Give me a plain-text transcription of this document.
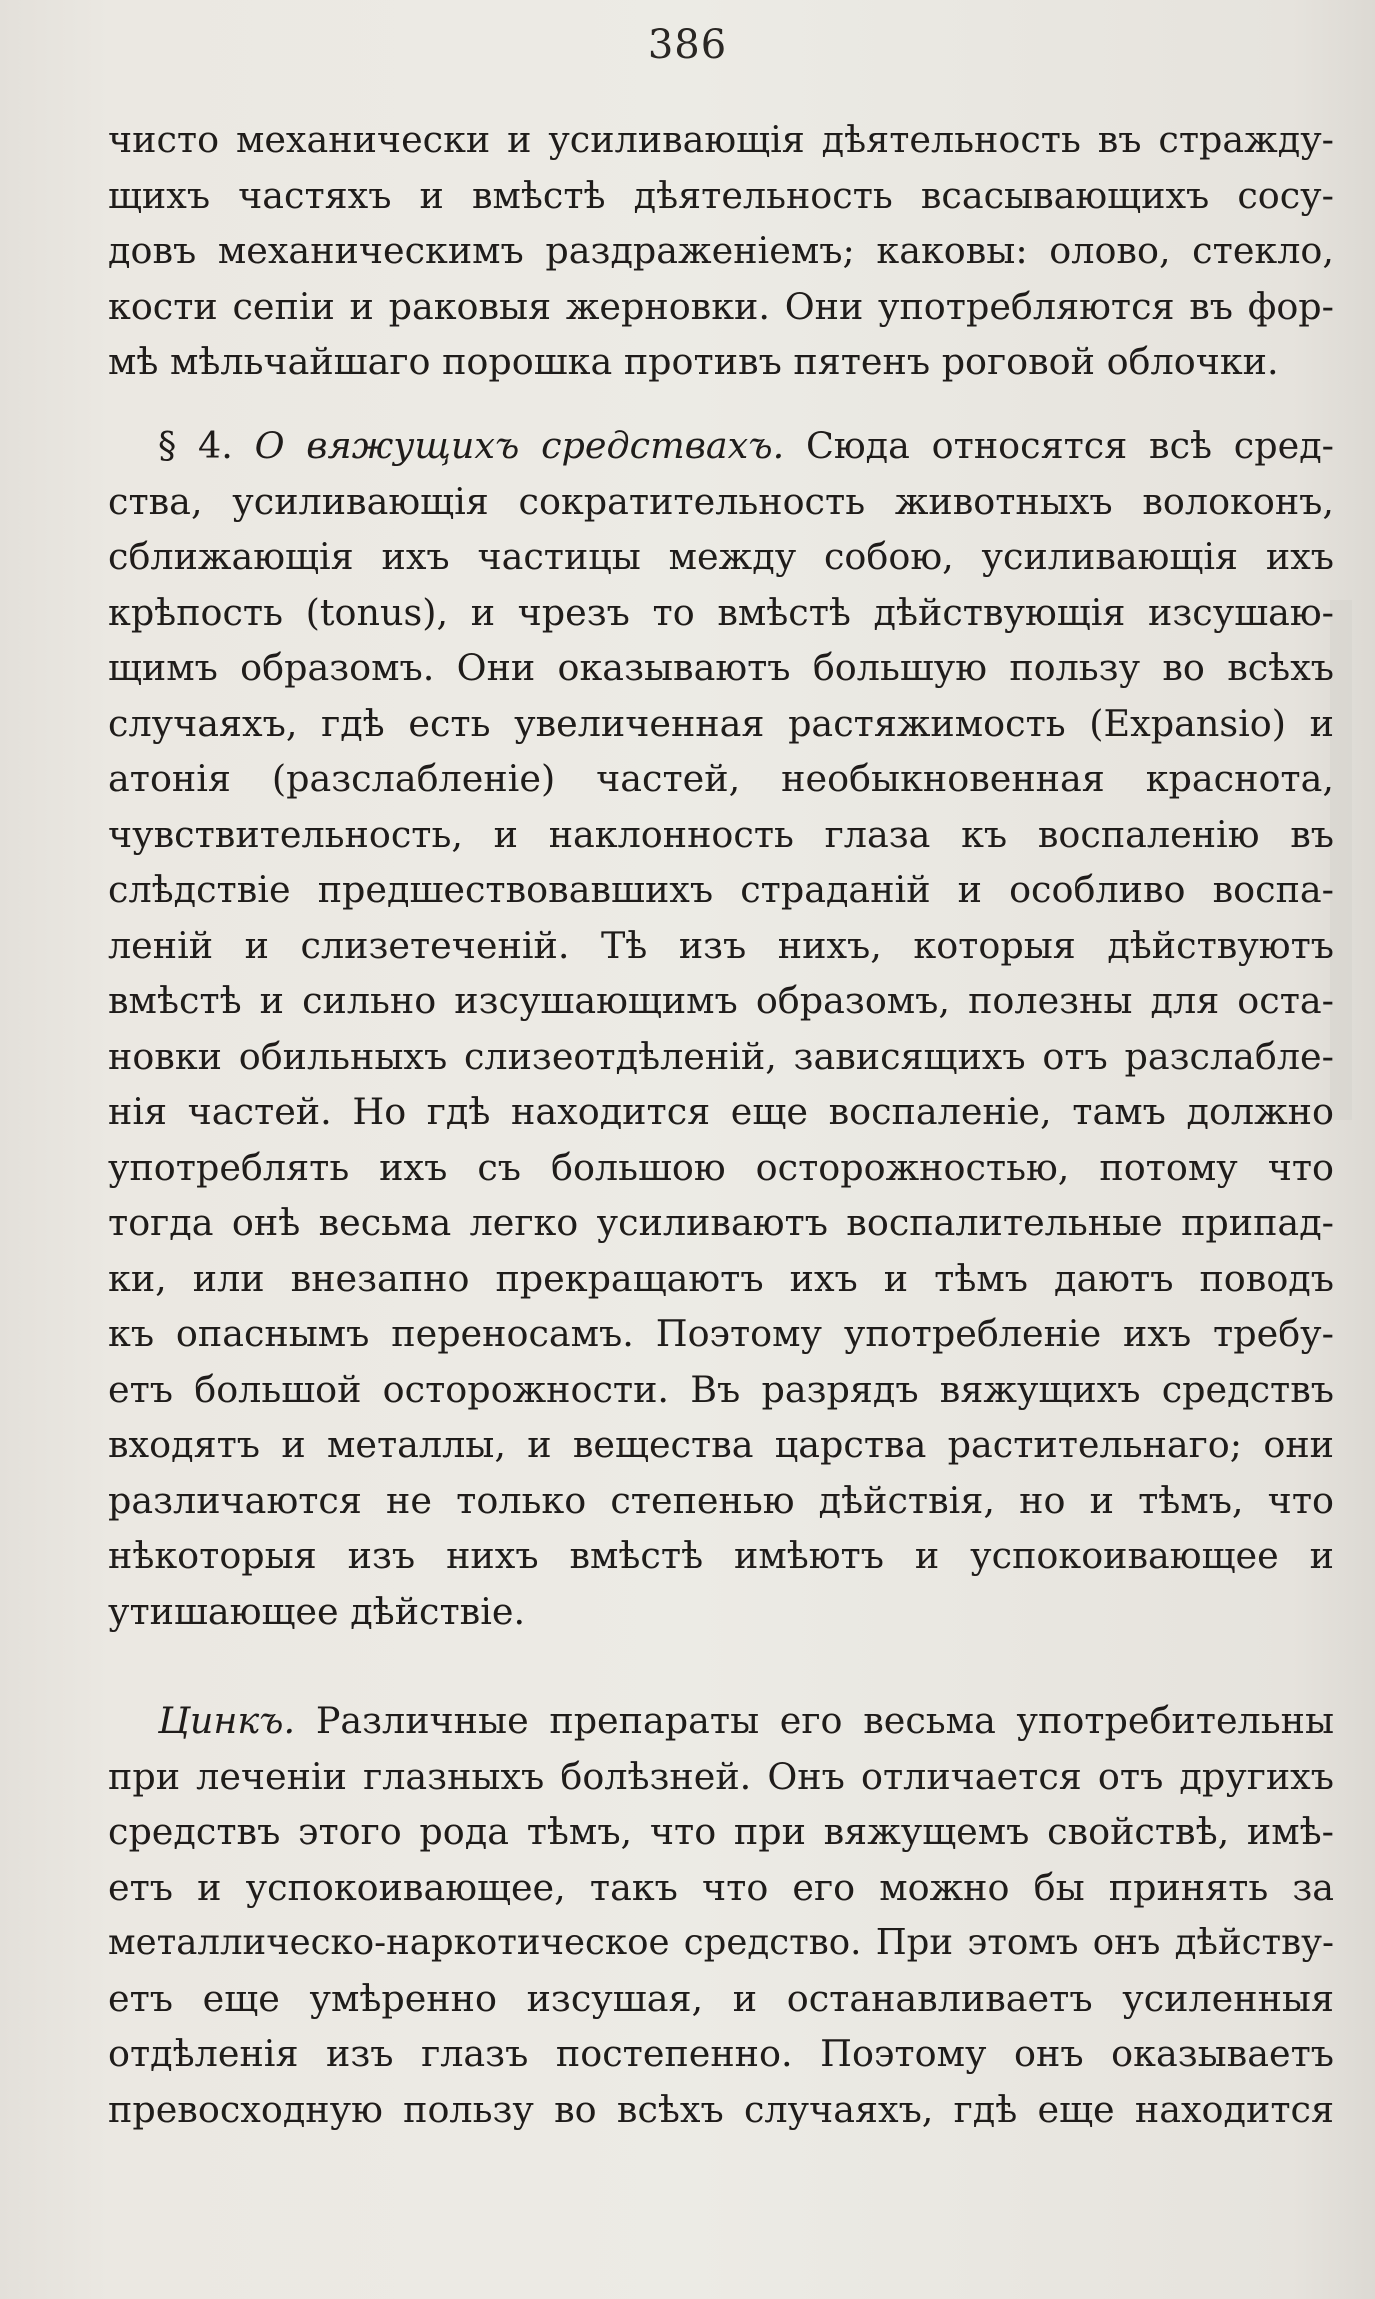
386
чисто механически и усиливающія дѣятельность въ стражду-
щихъ частяхъ и вмѣстѣ дѣятельность всасывающихъ сосу-
довъ механическимъ раздраженіемъ; каковы: олово, стекло,
кости сепіи и раковыя жерновки. Они употребляются въ фор-
мѣ мѣльчайшаго порошка противъ пятенъ роговой облочки.
§ 4. О вяжущихъ средствахъ. Сюда относятся всѣ сред-
ства, усиливающія сократительность животныхъ волоконъ,
сближающія ихъ частицы между собою, усиливающія ихъ
крѣпость (tonus), и чрезъ то вмѣстѣ дѣйствующія изсушаю-
щимъ образомъ. Они оказываютъ большую пользу во всѣхъ
случаяхъ, гдѣ есть увеличенная растяжимость (Expansio) и
атонія (разслабленіе) частей, необыкновенная краснота,
чувствительность, и наклонность глаза къ воспаленію въ
слѣдствіе предшествовавшихъ страданій и особливо воспа-
леній и слизетеченій. Тѣ изъ нихъ, которыя дѣйствуютъ
вмѣстѣ и сильно изсушающимъ образомъ, полезны для оста-
новки обильныхъ слизеотдѣленій, зависящихъ отъ разслабле-
нія частей. Но гдѣ находится еще воспаленіе, тамъ должно
употреблять ихъ съ большою осторожностью, потому что
тогда онѣ весьма легко усиливаютъ воспалительные припад-
ки, или внезапно прекращаютъ ихъ и тѣмъ даютъ поводъ
къ опаснымъ переносамъ. Поэтому употребленіе ихъ требу-
етъ большой осторожности. Въ разрядъ вяжущихъ средствъ
входятъ и металлы, и вещества царства растительнаго; они
различаются не только степенью дѣйствія, но и тѣмъ, что
нѣкоторыя изъ нихъ вмѣстѣ имѣютъ и успокоивающее и
утишающее дѣйствіе.
Цинкъ. Различные препараты его весьма употребительны
при леченіи глазныхъ болѣзней. Онъ отличается отъ другихъ
средствъ этого рода тѣмъ, что при вяжущемъ свойствѣ, имѣ-
етъ и успокоивающее, такъ что его можно бы принять за
металлическо-наркотическое средство. При этомъ онъ дѣйству-
етъ еще умѣренно изсушая, и останавливаетъ усиленныя
отдѣленія изъ глазъ постепенно. Поэтому онъ оказываетъ
превосходную пользу во всѣхъ случаяхъ, гдѣ еще находится
